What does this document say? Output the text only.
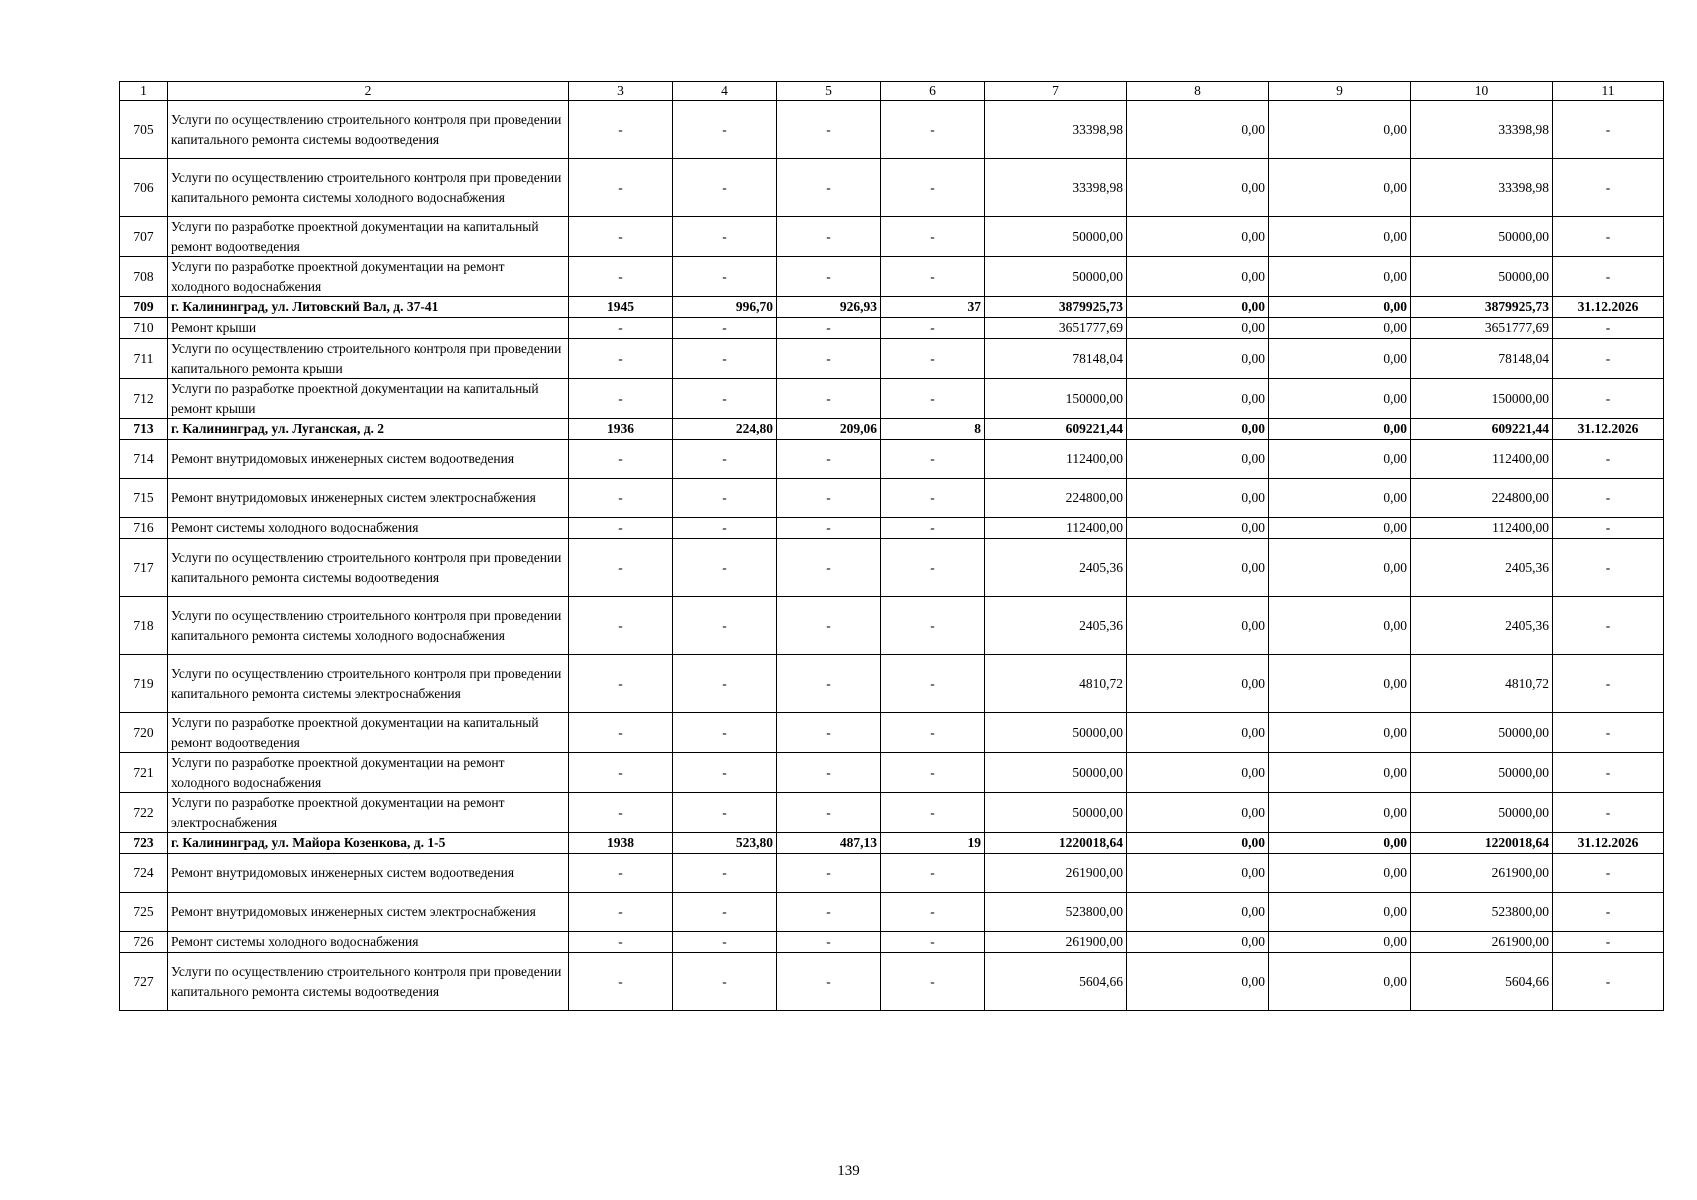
1	2	3	4	5	6	7	8	9	10	11
705	Услуги по осуществлению строительного контроля при проведении капитального ремонта системы водоотведения	-	-	-	-	33398,98	0,00	0,00	33398,98	-
706	Услуги по осуществлению строительного контроля при проведении капитального ремонта системы холодного водоснабжения	-	-	-	-	33398,98	0,00	0,00	33398,98	-
707	Услуги по разработке проектной документации на капитальный ремонт водоотведения	-	-	-	-	50000,00	0,00	0,00	50000,00	-
708	Услуги по разработке проектной документации на ремонт холодного водоснабжения	-	-	-	-	50000,00	0,00	0,00	50000,00	-
709	г. Калининград, ул. Литовский Вал, д. 37-41	1945	996,70	926,93	37	3879925,73	0,00	0,00	3879925,73	31.12.2026
710	Ремонт крыши	-	-	-	-	3651777,69	0,00	0,00	3651777,69	-
711	Услуги по осуществлению строительного контроля при проведении капитального ремонта крыши	-	-	-	-	78148,04	0,00	0,00	78148,04	-
712	Услуги по разработке проектной документации на капитальный ремонт крыши	-	-	-	-	150000,00	0,00	0,00	150000,00	-
713	г. Калининград, ул. Луганская, д. 2	1936	224,80	209,06	8	609221,44	0,00	0,00	609221,44	31.12.2026
714	Ремонт внутридомовых инженерных систем водоотведения	-	-	-	-	112400,00	0,00	0,00	112400,00	-
715	Ремонт внутридомовых инженерных систем электроснабжения	-	-	-	-	224800,00	0,00	0,00	224800,00	-
716	Ремонт системы холодного водоснабжения	-	-	-	-	112400,00	0,00	0,00	112400,00	-
717	Услуги по осуществлению строительного контроля при проведении капитального ремонта системы водоотведения	-	-	-	-	2405,36	0,00	0,00	2405,36	-
718	Услуги по осуществлению строительного контроля при проведении капитального ремонта системы холодного водоснабжения	-	-	-	-	2405,36	0,00	0,00	2405,36	-
719	Услуги по осуществлению строительного контроля при проведении капитального ремонта системы электроснабжения	-	-	-	-	4810,72	0,00	0,00	4810,72	-
720	Услуги по разработке проектной документации на капитальный ремонт водоотведения	-	-	-	-	50000,00	0,00	0,00	50000,00	-
721	Услуги по разработке проектной документации на ремонт холодного водоснабжения	-	-	-	-	50000,00	0,00	0,00	50000,00	-
722	Услуги по разработке проектной документации на ремонт электроснабжения	-	-	-	-	50000,00	0,00	0,00	50000,00	-
723	г. Калининград, ул. Майора Козенкова, д. 1-5	1938	523,80	487,13	19	1220018,64	0,00	0,00	1220018,64	31.12.2026
724	Ремонт внутридомовых инженерных систем водоотведения	-	-	-	-	261900,00	0,00	0,00	261900,00	-
725	Ремонт внутридомовых инженерных систем электроснабжения	-	-	-	-	523800,00	0,00	0,00	523800,00	-
726	Ремонт системы холодного водоснабжения	-	-	-	-	261900,00	0,00	0,00	261900,00	-
727	Услуги по осуществлению строительного контроля при проведении капитального ремонта системы водоотведения	-	-	-	-	5604,66	0,00	0,00	5604,66	-
139
